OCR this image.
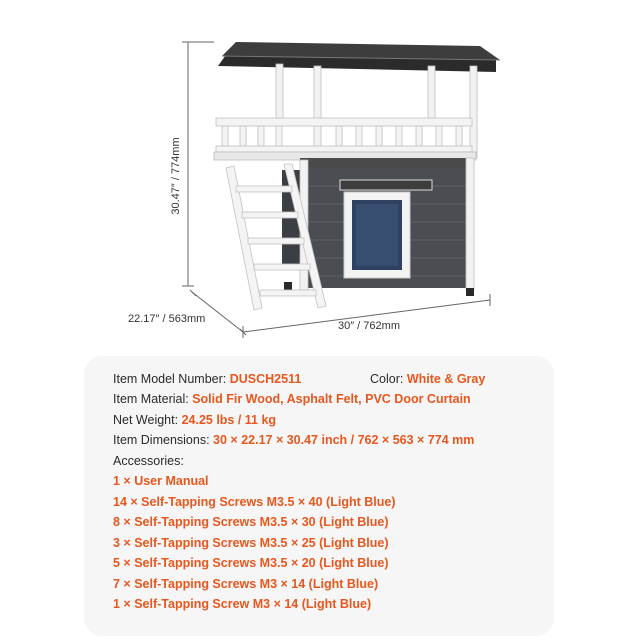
30.47″ / 774mm
22.17″ / 563mm
30″ / 762mm
Item Model Number: DUSCH2511	Color: White & Gray
Item Material: Solid Fir Wood, Asphalt Felt, PVC Door Curtain
Net Weight: 24.25 lbs / 11 kg
Item Dimensions: 30 × 22.17 × 30.47 inch / 762 × 563 × 774 mm
Accessories:
1 × User Manual
14 × Self-Tapping Screws M3.5 × 40 (Light Blue)
8 × Self-Tapping Screws M3.5 × 30 (Light Blue)
3 × Self-Tapping Screws M3.5 × 25 (Light Blue)
5 × Self-Tapping Screws M3.5 × 20 (Light Blue)
7 × Self-Tapping Screws M3 × 14 (Light Blue)
1 × Self-Tapping Screw M3 × 14 (Light Blue)
